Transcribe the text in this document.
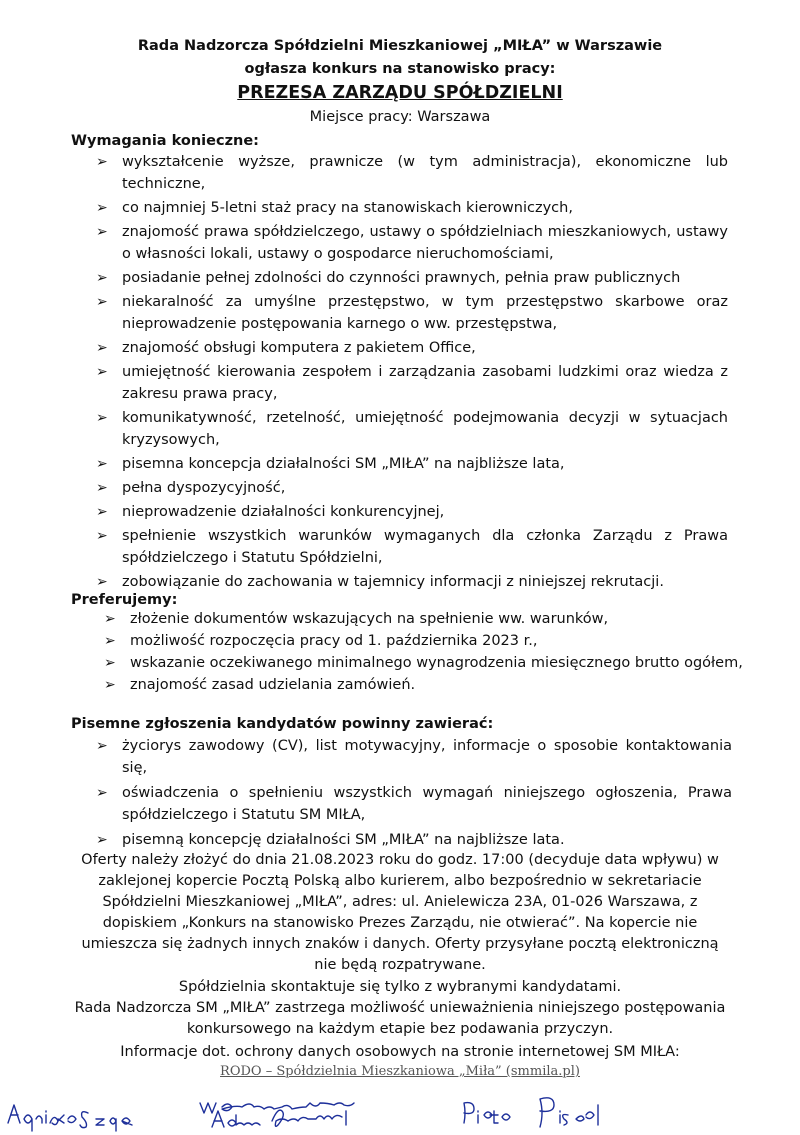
Rada Nadzorcza Spółdzielni Mieszkaniowej „MIŁA” w Warszawie
ogłasza konkurs na stanowisko pracy:
PREZESA ZARZĄDU SPÓŁDZIELNI
Miejsce pracy: Warszawa
Wymagania konieczne:
➢ wykształcenie wyższe, prawnicze (w tym administracja), ekonomiczne lub techniczne,
➢ co najmniej 5-letni staż pracy na stanowiskach kierowniczych,
➢ znajomość prawa spółdzielczego, ustawy o spółdzielniach mieszkaniowych, ustawy o własności lokali, ustawy o gospodarce nieruchomościami,
➢ posiadanie pełnej zdolności do czynności prawnych, pełnia praw publicznych
➢ niekaralność za umyślne przestępstwo, w tym przestępstwo skarbowe oraz nieprowadzenie postępowania karnego o ww. przestępstwa,
➢ znajomość obsługi komputera z pakietem Office,
➢ umiejętność kierowania zespołem i zarządzania zasobami ludzkimi oraz wiedza z zakresu prawa pracy,
➢ komunikatywność, rzetelność, umiejętność podejmowania decyzji w sytuacjach kryzysowych,
➢ pisemna koncepcja działalności SM „MIŁA” na najbliższe lata,
➢ pełna dyspozycyjność,
➢ nieprowadzenie działalności konkurencyjnej,
➢ spełnienie wszystkich warunków wymaganych dla członka Zarządu z Prawa spółdzielczego i Statutu Spółdzielni,
➢ zobowiązanie do zachowania w tajemnicy informacji z niniejszej rekrutacji.
Preferujemy:
➢ złożenie dokumentów wskazujących na spełnienie ww. warunków,
➢ możliwość rozpoczęcia pracy od 1. października 2023 r.,
➢ wskazanie oczekiwanego minimalnego wynagrodzenia miesięcznego brutto ogółem,
➢ znajomość zasad udzielania zamówień.
Pisemne zgłoszenia kandydatów powinny zawierać:
➢ życiorys zawodowy (CV), list motywacyjny, informacje o sposobie kontaktowania się,
➢ oświadczenia o spełnieniu wszystkich wymagań niniejszego ogłoszenia, Prawa spółdzielczego i Statutu SM MIŁA,
➢ pisemną koncepcję działalności SM „MIŁA” na najbliższe lata.
Oferty należy złożyć do dnia 21.08.2023 roku do godz. 17:00 (decyduje data wpływu) w zaklejonej kopercie Pocztą Polską albo kurierem, albo bezpośrednio w sekretariacie Spółdzielni Mieszkaniowej „MIŁA”, adres: ul. Anielewicza 23A, 01-026 Warszawa, z dopiskiem „Konkurs na stanowisko Prezes Zarządu, nie otwierać”. Na kopercie nie umieszcza się żadnych innych znaków i danych. Oferty przysyłane pocztą elektroniczną nie będą rozpatrywane.
Spółdzielnia skontaktuje się tylko z wybranymi kandydatami.
Rada Nadzorcza SM „MIŁA” zastrzega możliwość unieważnienia niniejszego postępowania konkursowego na każdym etapie bez podawania przyczyn.
Informacje dot. ochrony danych osobowych na stronie internetowej SM MIŁA:
RODO – Spółdzielnia Mieszkaniowa „Miła” (smmila.pl)
